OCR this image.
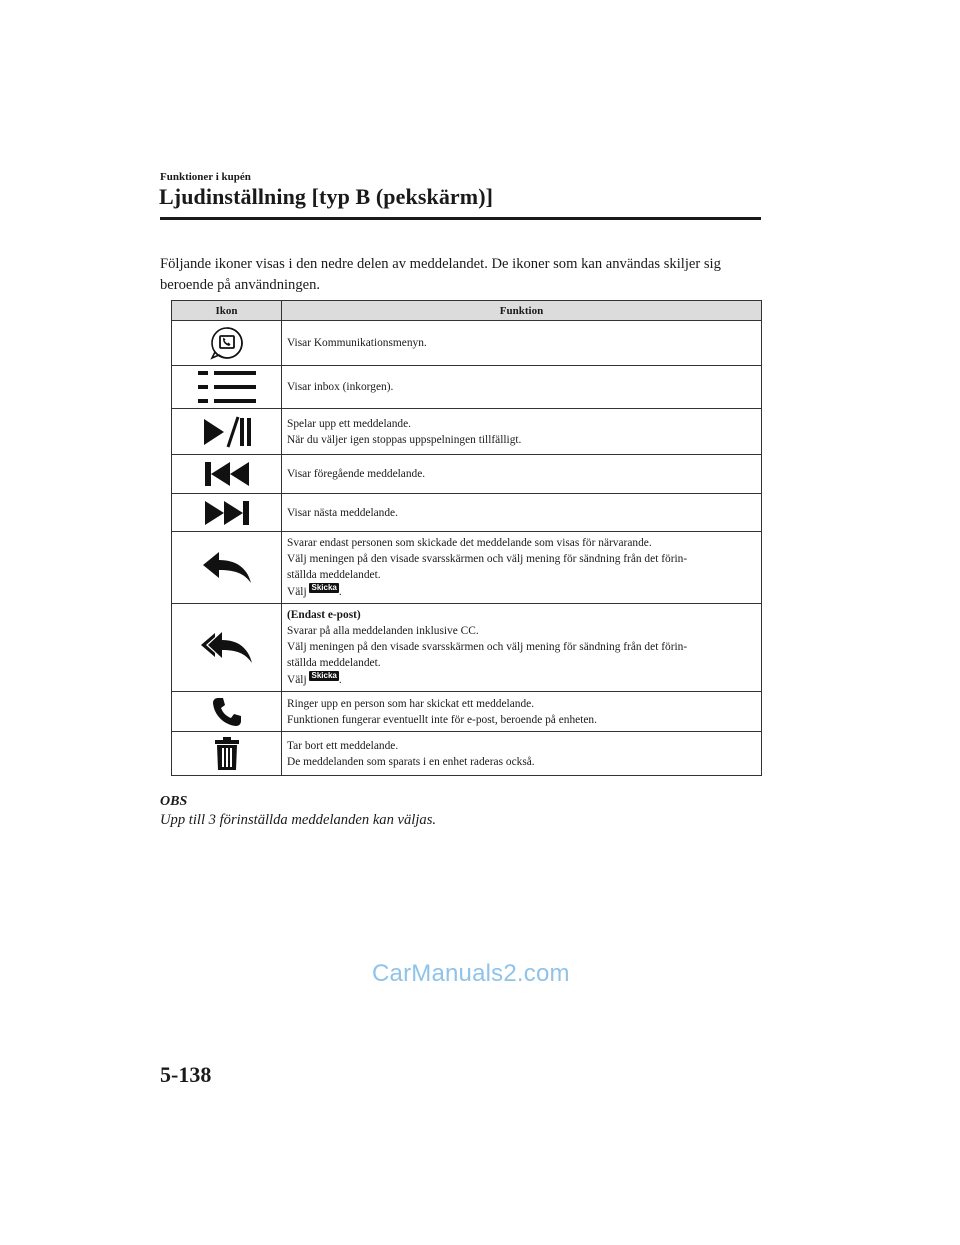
Funktioner i kupén
Ljudinställning [typ B (pekskärm)]
Följande ikoner visas i den nedre delen av meddelandet. De ikoner som kan användas skiljer sig beroende på användningen.
Ikon	Funktion

Visar Kommunikationsmenyn.

Visar inbox (inkorgen).

Spelar upp ett meddelande.
När du väljer igen stoppas uppspelningen tillfälligt.

Visar föregående meddelande.

Visar nästa meddelande.

Svarar endast personen som skickade det meddelande som visas för närvarande.
Välj meningen på den visade svarsskärmen och välj mening för sändning från det förin-
ställda meddelandet.
Välj Skicka .

(Endast e-post)
Svarar på alla meddelanden inklusive CC.
Välj meningen på den visade svarsskärmen och välj mening för sändning från det förin-
ställda meddelandet.
Välj Skicka .

Ringer upp en person som har skickat ett meddelande.
Funktionen fungerar eventuellt inte för e-post, beroende på enheten.

Tar bort ett meddelande.
De meddelanden som sparats i en enhet raderas också.
OBS
Upp till 3 förinställda meddelanden kan väljas.
CarManuals2.com
5-138
